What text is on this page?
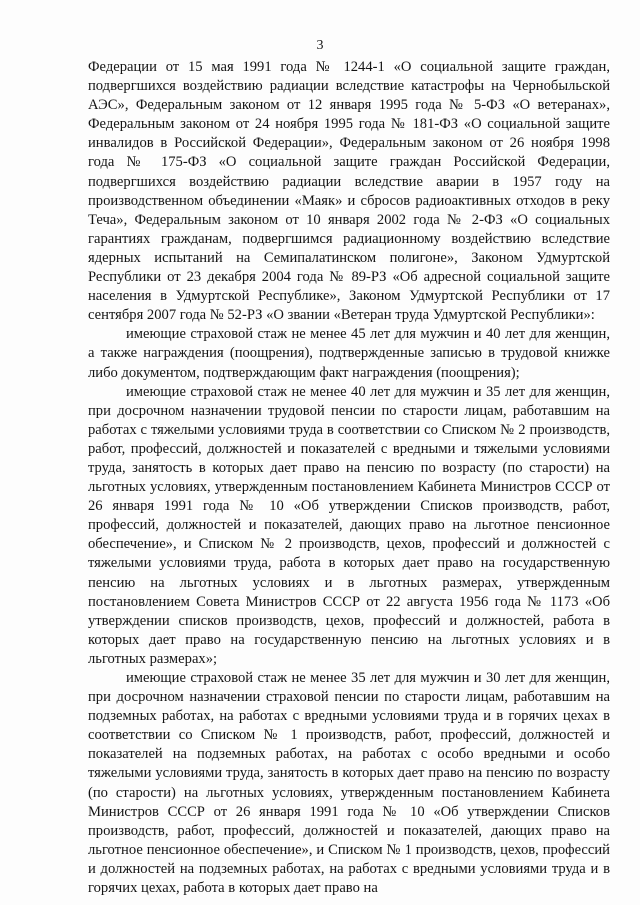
3

Федерации от 15 мая 1991 года № 1244-1 «О социальной защите граждан, подвергшихся воздействию радиации вследствие катастрофы на Чернобыльской АЭС», Федеральным законом от 12 января 1995 года № 5-ФЗ «О ветеранах», Федеральным законом от 24 ноября 1995 года № 181-ФЗ «О социальной защите инвалидов в Российской Федерации», Федеральным законом от 26 ноября 1998 года № 175-ФЗ «О социальной защите граждан Российской Федерации, подвергшихся воздействию радиации вследствие аварии в 1957 году на производственном объединении «Маяк» и сбросов радиоактивных отходов в реку Теча», Федеральным законом от 10 января 2002 года № 2-ФЗ «О социальных гарантиях гражданам, подвергшимся радиационному воздействию вследствие ядерных испытаний на Семипалатинском полигоне», Законом Удмуртской Республики от 23 декабря 2004 года № 89-РЗ «Об адресной социальной защите населения в Удмуртской Республике», Законом Удмуртской Республики от 17 сентября 2007 года № 52-РЗ «О звании «Ветеран труда Удмуртской Республики»:

имеющие страховой стаж не менее 45 лет для мужчин и 40 лет для женщин, а также награждения (поощрения), подтвержденные записью в трудовой книжке либо документом, подтверждающим факт награждения (поощрения);

имеющие страховой стаж не менее 40 лет для мужчин и 35 лет для женщин, при досрочном назначении трудовой пенсии по старости лицам, работавшим на работах с тяжелыми условиями труда в соответствии со Списком № 2 производств, работ, профессий, должностей и показателей с вредными и тяжелыми условиями труда, занятость в которых дает право на пенсию по возрасту (по старости) на льготных условиях, утвержденным постановлением Кабинета Министров СССР от 26 января 1991 года № 10 «Об утверждении Списков производств, работ, профессий, должностей и показателей, дающих право на льготное пенсионное обеспечение», и Списком № 2 производств, цехов, профессий и должностей с тяжелыми условиями труда, работа в которых дает право на государственную пенсию на льготных условиях и в льготных размерах, утвержденным постановлением Совета Министров СССР от 22 августа 1956 года № 1173 «Об утверждении списков производств, цехов, профессий и должностей, работа в которых дает право на государственную пенсию на льготных условиях и в льготных размерах»;

имеющие страховой стаж не менее 35 лет для мужчин и 30 лет для женщин, при досрочном назначении страховой пенсии по старости лицам, работавшим на подземных работах, на работах с вредными условиями труда и в горячих цехах в соответствии со Списком № 1 производств, работ, профессий, должностей и показателей на подземных работах, на работах с особо вредными и особо тяжелыми условиями труда, занятость в которых дает право на пенсию по возрасту (по старости) на льготных условиях, утвержденным постановлением Кабинета Министров СССР от 26 января 1991 года № 10 «Об утверждении Списков производств, работ, профессий, должностей и показателей, дающих право на льготное пенсионное обеспечение», и Списком № 1 производств, цехов, профессий и должностей на подземных работах, на работах с вредными условиями труда и в горячих цехах, работа в которых дает право на
